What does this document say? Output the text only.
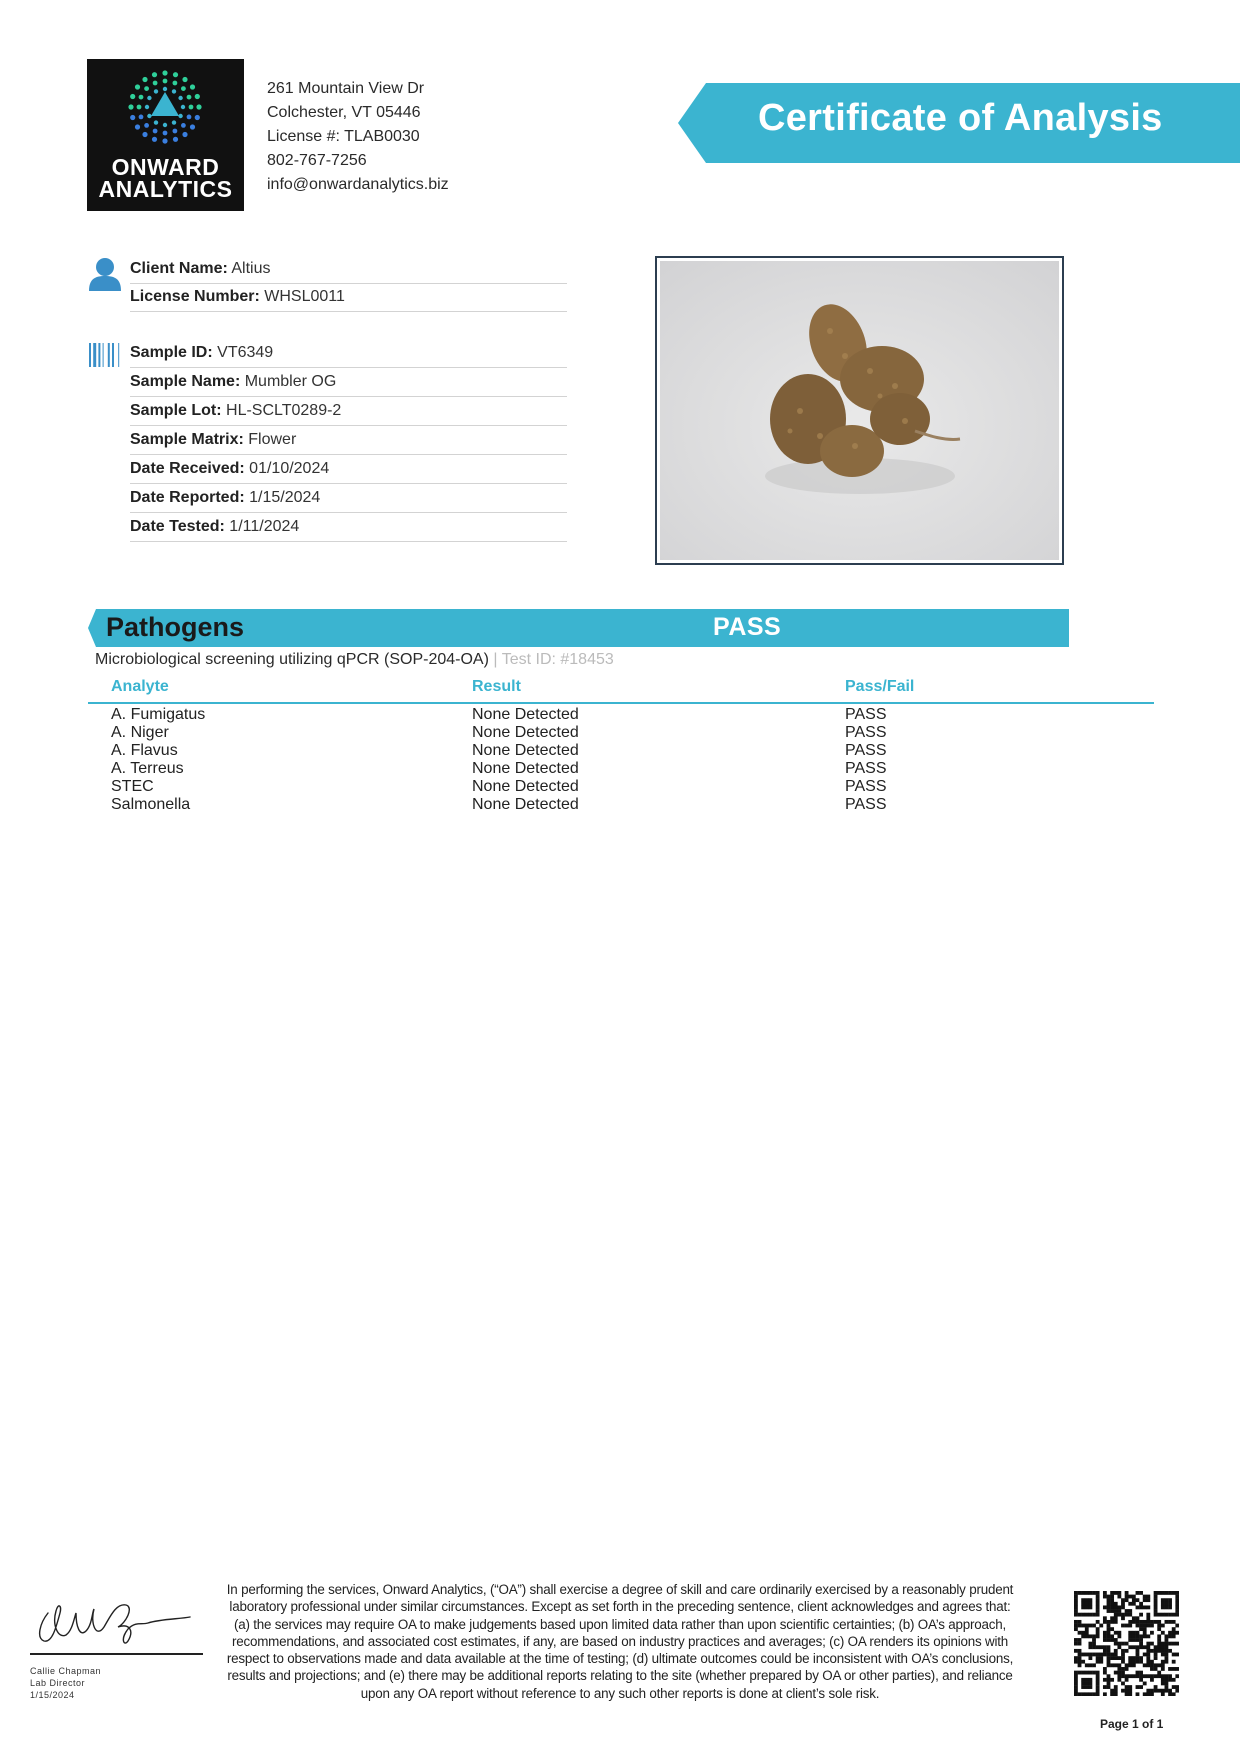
ONWARD
ANALYTICS
261 Mountain View Dr
Colchester, VT 05446
License #: TLAB0030
802-767-7256
info@onwardanalytics.biz
Certificate of Analysis
Client Name: Altius
License Number: WHSL0011
Sample ID: VT6349
Sample Name: Mumbler OG
Sample Lot: HL-SCLT0289-2
Sample Matrix: Flower
Date Received: 01/10/2024
Date Reported: 1/15/2024
Date Tested: 1/11/2024
Pathogens	PASS
Microbiological screening utilizing qPCR (SOP-204-OA) | Test ID: #18453
Analyte	Result	Pass/Fail
A. Fumigatus	None Detected	PASS
A. Niger	None Detected	PASS
A. Flavus	None Detected	PASS
A. Terreus	None Detected	PASS
STEC	None Detected	PASS
Salmonella	None Detected	PASS
Callie Chapman
Lab Director
1/15/2024
In performing the services, Onward Analytics, (“OA”) shall exercise a degree of skill and care ordinarily exercised by a reasonably prudent laboratory professional under similar circumstances. Except as set forth in the preceding sentence, client acknowledges and agrees that: (a) the services may require OA to make judgements based upon limited data rather than upon scientific certainties; (b) OA’s approach, recommendations, and associated cost estimates, if any, are based on industry practices and averages; (c) OA renders its opinions with respect to observations made and data available at the time of testing; (d) ultimate outcomes could be inconsistent with OA’s conclusions, results and projections; and (e) there may be additional reports relating to the site (whether prepared by OA or other parties), and reliance upon any OA report without reference to any such other reports is done at client’s sole risk.
Page 1 of 1
